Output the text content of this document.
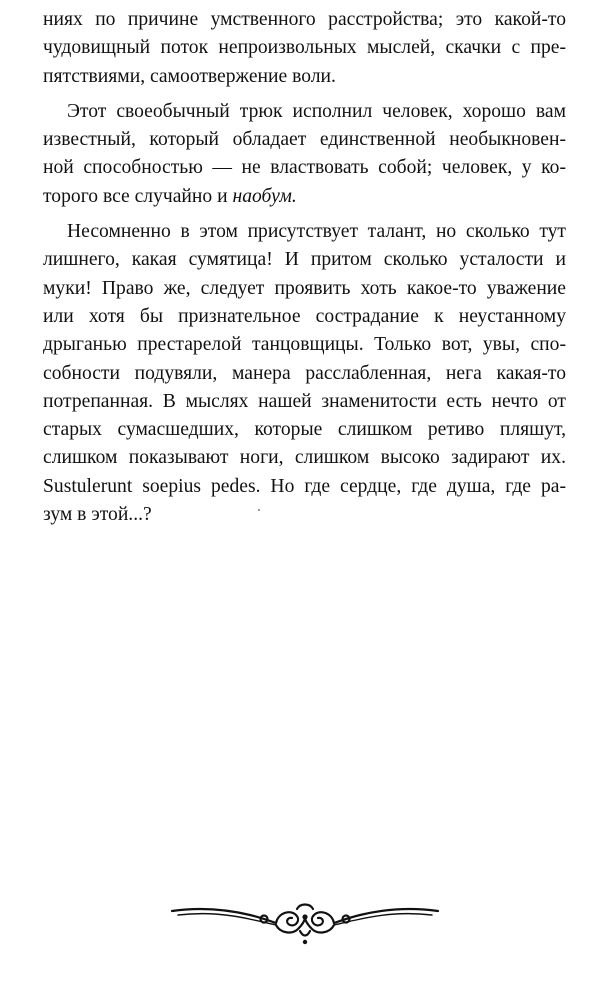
ниях по причине умственного расстройства; это какой-то
чудовищный поток непроизвольных мыслей, скачки с пре-
пятствиями, самоотвержение воли.
Этот своеобычный трюк исполнил человек, хорошо вам
известный, который обладает единственной необыкновен-
ной способностью — не властвовать собой; человек, у ко-
торого все случайно и наобум.
Несомненно в этом присутствует талант, но сколько тут
лишнего, какая сумятица! И притом сколько усталости и
муки! Право же, следует проявить хоть какое-то уважение
или хотя бы признательное сострадание к неустанному
дрыганью престарелой танцовщицы. Только вот, увы, спо-
собности подувяли, манера расслабленная, нега какая-то
потрепанная. В мыслях нашей знаменитости есть нечто от
старых сумасшедших, которые слишком ретиво пляшут,
слишком показывают ноги, слишком высоко задирают их.
Sustulerunt soepius pedes. Но где сердце, где душа, где ра-
зум в этой...?
